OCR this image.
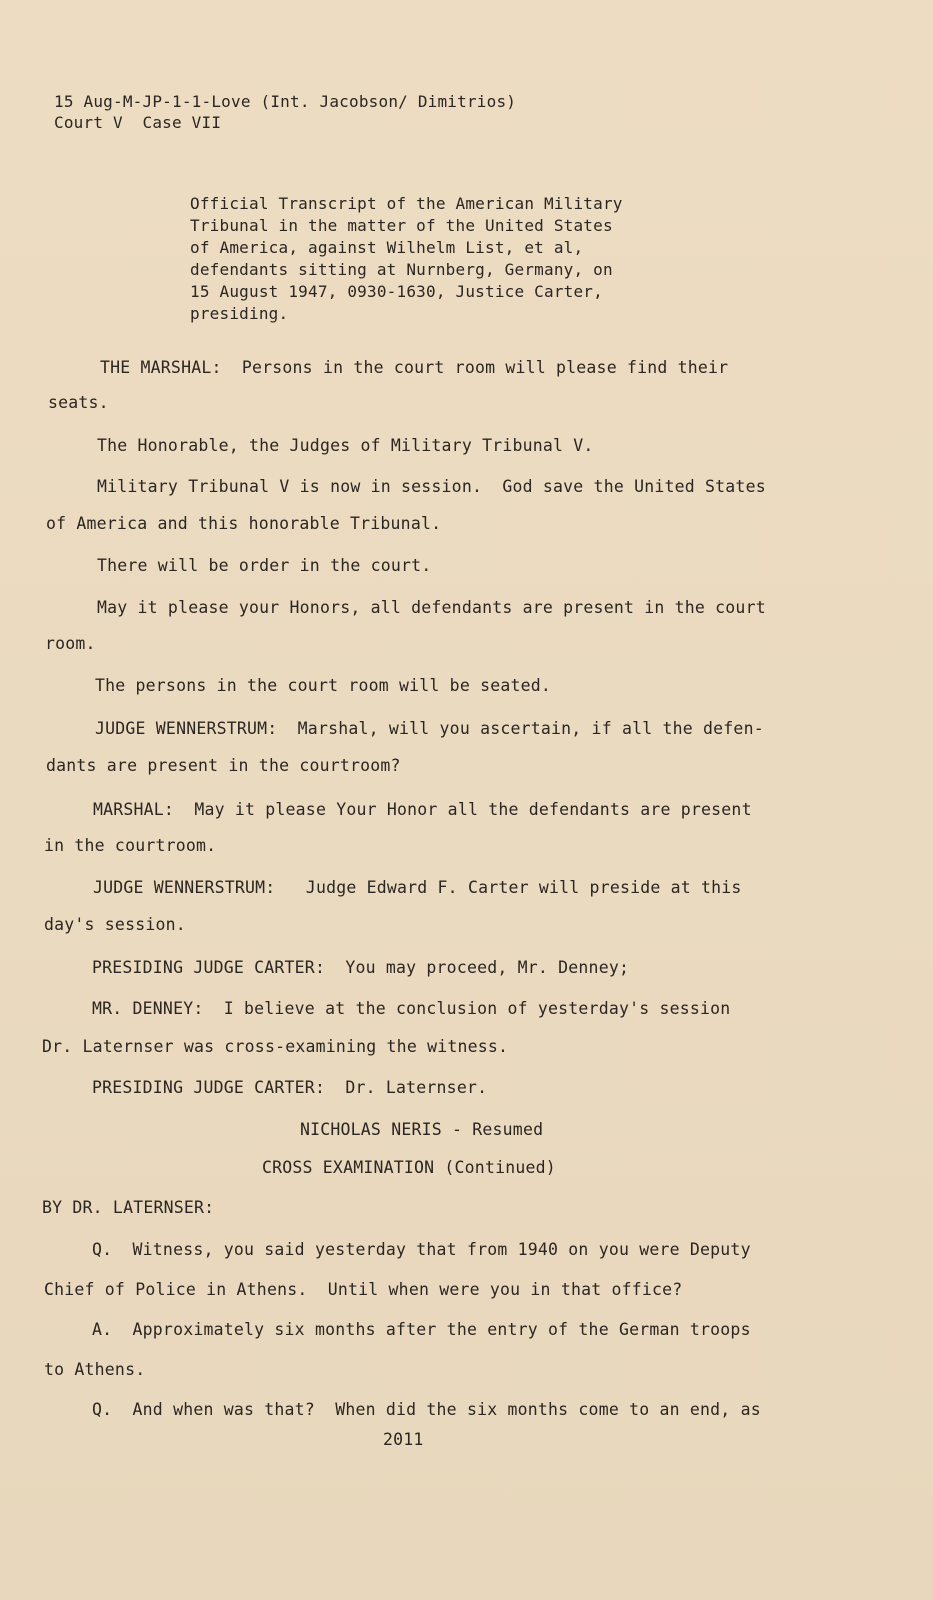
15 Aug-M-JP-1-1-Love (Int. Jacobson/ Dimitrios)
Court V  Case VII
Official Transcript of the American Military
Tribunal in the matter of the United States
of America, against Wilhelm List, et al,
defendants sitting at Nurnberg, Germany, on
15 August 1947, 0930-1630, Justice Carter,
presiding.
THE MARSHAL:  Persons in the court room will please find their
seats.
The Honorable, the Judges of Military Tribunal V.
Military Tribunal V is now in session.  God save the United States
of America and this honorable Tribunal.
There will be order in the court.
May it please your Honors, all defendants are present in the court
room.
The persons in the court room will be seated.
JUDGE WENNERSTRUM:  Marshal, will you ascertain, if all the defen-
dants are present in the courtroom?
MARSHAL:  May it please Your Honor all the defendants are present
in the courtroom.
JUDGE WENNERSTRUM:   Judge Edward F. Carter will preside at this
day's session.
PRESIDING JUDGE CARTER:  You may proceed, Mr. Denney;
MR. DENNEY:  I believe at the conclusion of yesterday's session
Dr. Laternser was cross-examining the witness.
PRESIDING JUDGE CARTER:  Dr. Laternser.
NICHOLAS NERIS - Resumed
CROSS EXAMINATION (Continued)
BY DR. LATERNSER:
Q.  Witness, you said yesterday that from 1940 on you were Deputy
Chief of Police in Athens.  Until when were you in that office?
A.  Approximately six months after the entry of the German troops
to Athens.
Q.  And when was that?  When did the six months come to an end, as
2011
